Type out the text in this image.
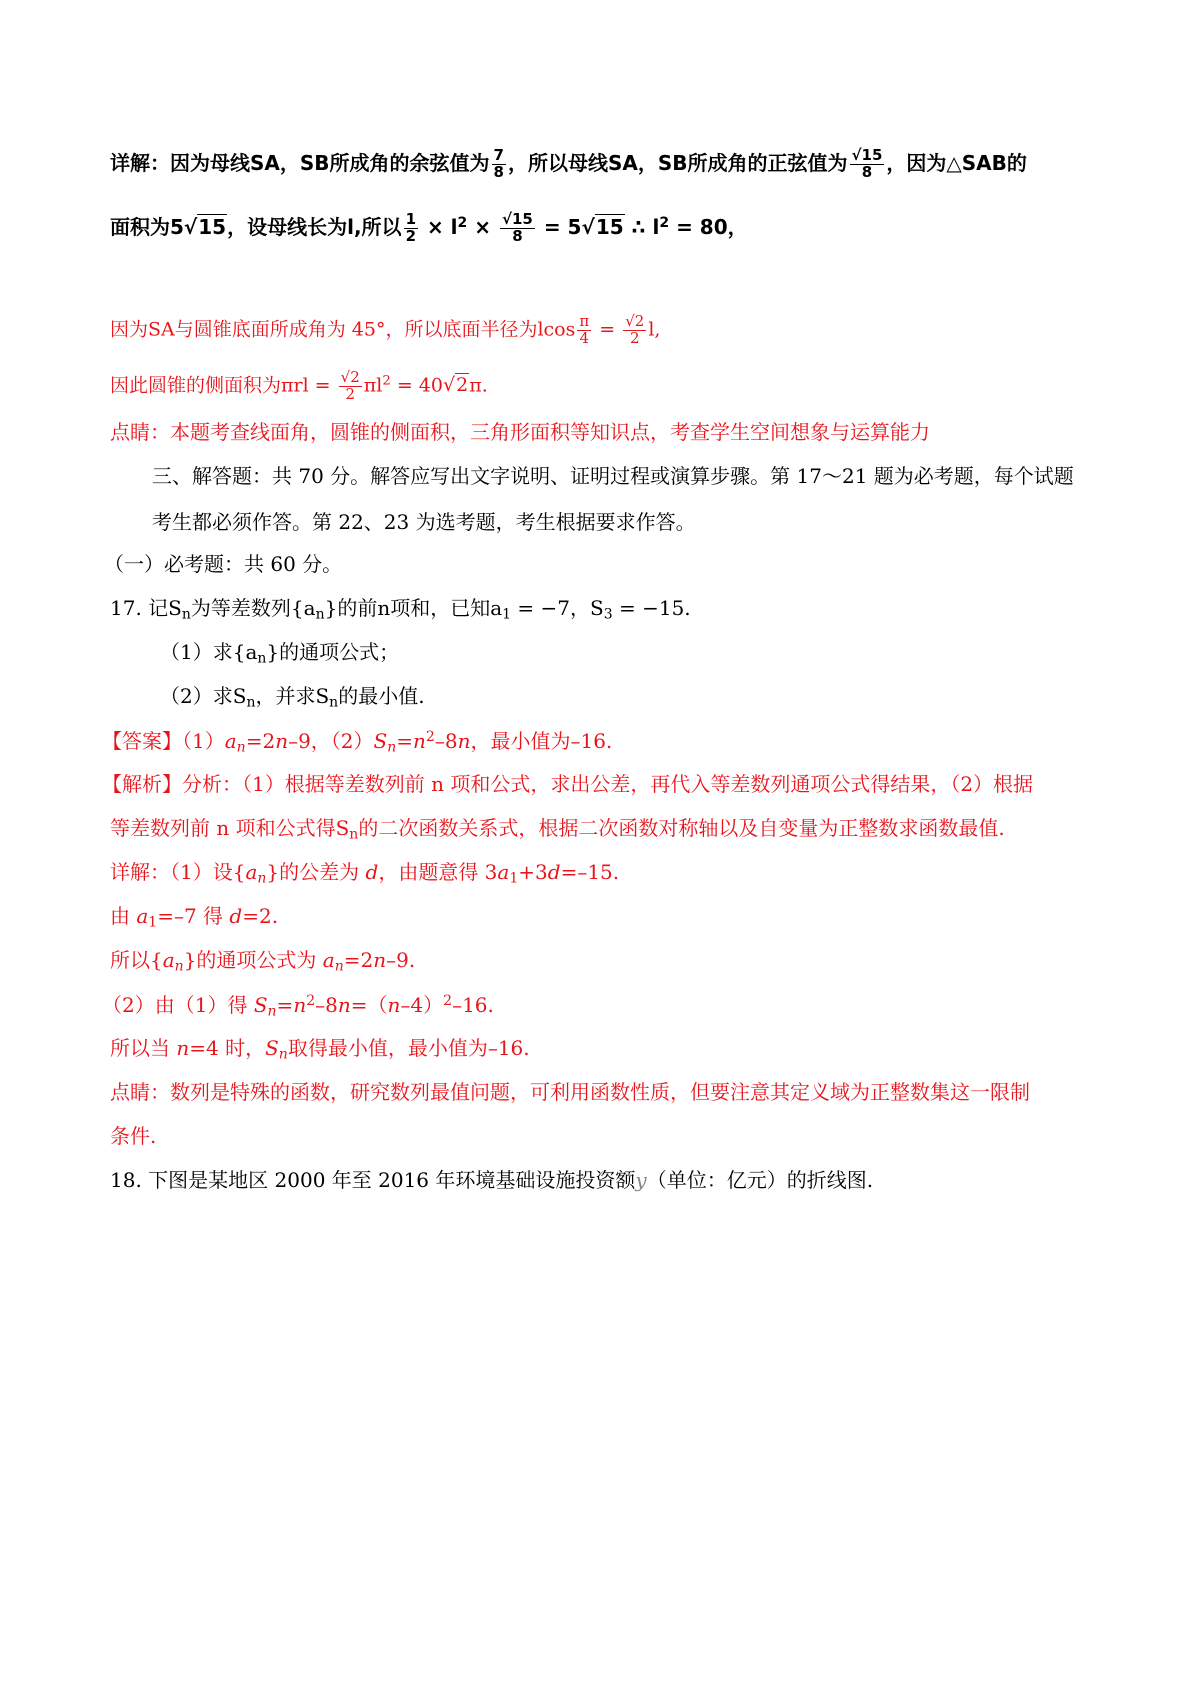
详解：因为母线SA，SB所成角的余弦值为 $\frac{7}{8}$ ，所以母线SA，SB所成角的正弦值为 $\frac{√15}{8}$ ，因为△SAB的
面积为5√15，设母线长为l,所以 $\frac{1}{2} \times l^2 \times \frac{√15}{8} = 5√15$ ∴ $l^2 = 80$，
因为SA与圆锥底面所成角为 45°，所以底面半径为lcos $\frac{\pi}{4} = \frac{√2}{2} l$,
因此圆锥的侧面积为$\pi rl = \frac{√2}{2} \pi l^2 = 40√2\pi$.
点睛：本题考查线面角，圆锥的侧面积，三角形面积等知识点，考查学生空间想象与运算能力
三、解答题：共 70 分。解答应写出文字说明、证明过程或演算步骤。第 17～21 题为必考题，每个试题
考生都必须作答。第 22、23 为选考题，考生根据要求作答。
（一）必考题：共 60 分。
17. 记$S_n$为等差数列$\{a_n\}$的前n项和，已知$a_1 = -7$，$S_3 = -15$.
（1）求$\{a_n\}$的通项公式；
（2）求$S_n$，并求$S_n$的最小值.
【答案】$(1)a_n=2n-9$，$(2)S_n=n^2-8n$，最小值为–16.
【解析】分析：（1）根据等差数列前 n 项和公式，求出公差，再代入等差数列通项公式得结果，（2）根据
等差数列前 n 项和公式得$S_n$的二次函数关系式，根据二次函数对称轴以及自变量为正整数求函数最值.
详解：（1）设$\{a_n\}$的公差为 d，由题意得 $3a_1+3d=-15$.
由 $a_1=-7$ 得 d=2.
所以$\{a_n\}$的通项公式为 $a_n=2n-9$.
（2）由（1）得 $S_n=n^2-8n=(n-4)^2-16$.
所以当 n=4 时，$S_n$取得最小值，最小值为–16.
点睛：数列是特殊的函数，研究数列最值问题，可利用函数性质，但要注意其定义域为正整数集这一限制
条件.
18. 下图是某地区 2000 年至 2016 年环境基础设施投资额y（单位：亿元）的折线图.
